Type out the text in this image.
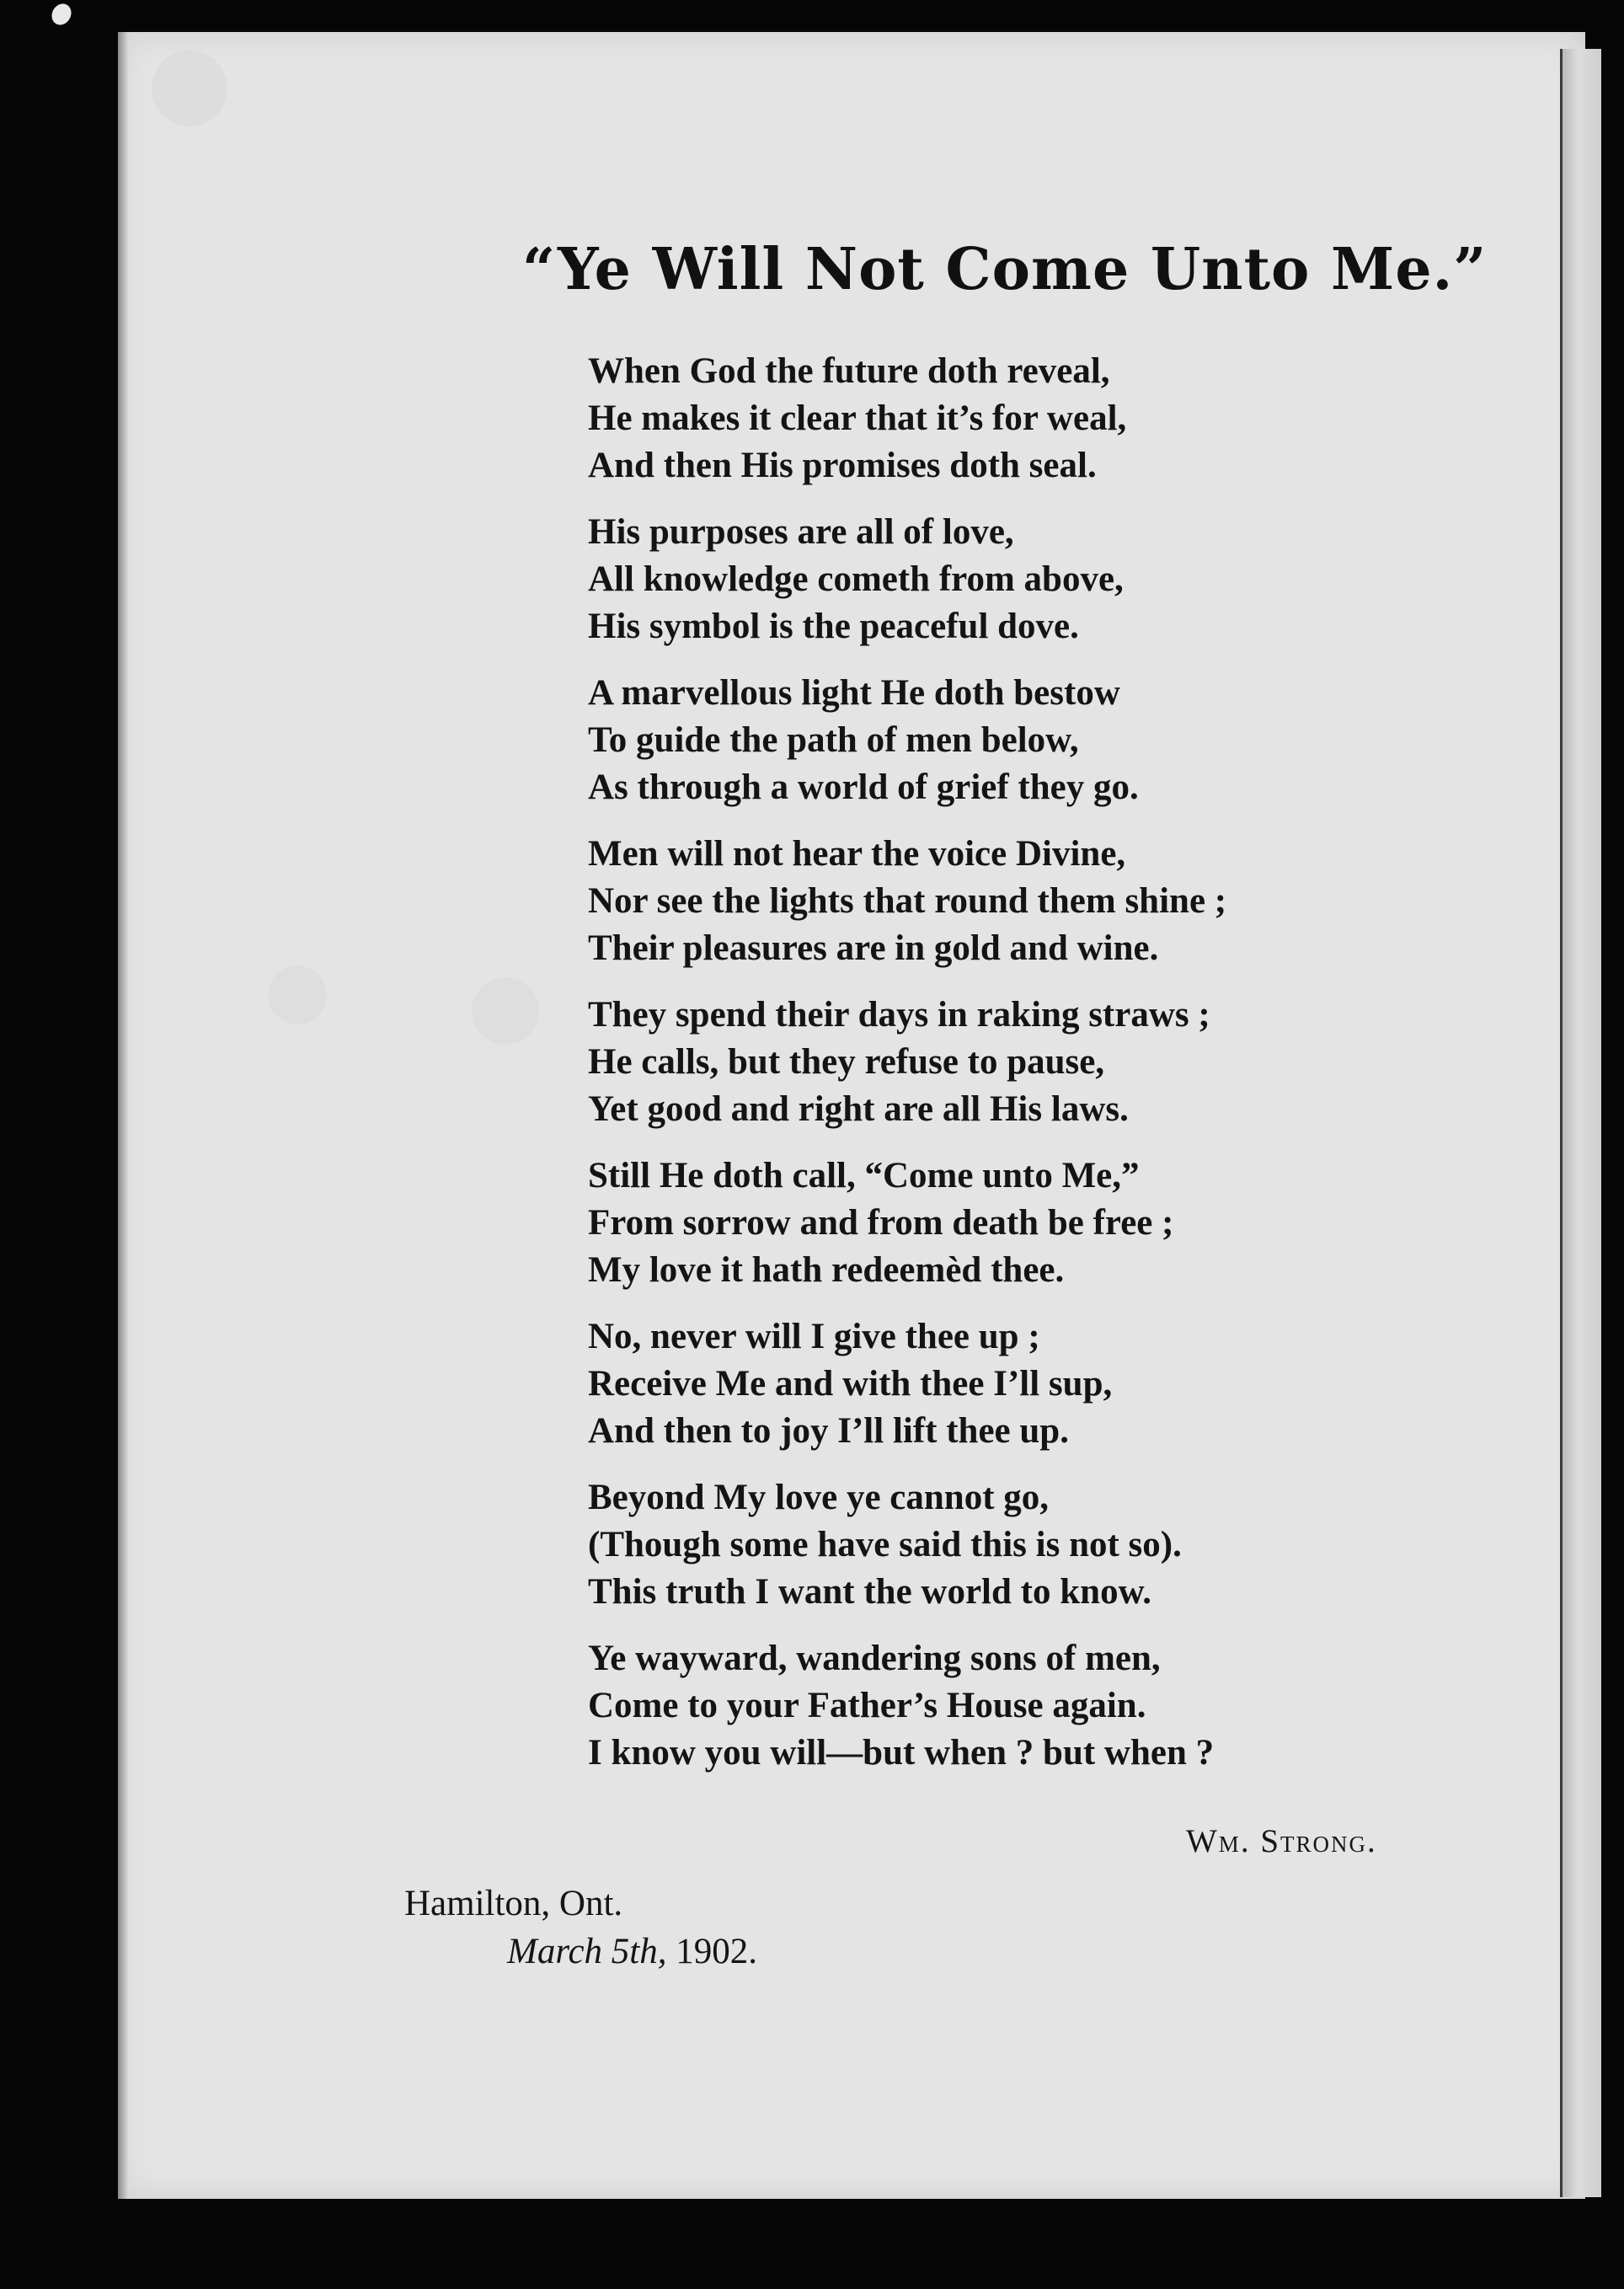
“Ye Will Not Come Unto Me.”
When God the future doth reveal,
He makes it clear that it’s for weal,
And then His promises doth seal.
His purposes are all of love,
All knowledge cometh from above,
His symbol is the peaceful dove.
A marvellous light He doth bestow
To guide the path of men below,
As through a world of grief they go.
Men will not hear the voice Divine,
Nor see the lights that round them shine ;
Their pleasures are in gold and wine.
They spend their days in raking straws ;
He calls, but they refuse to pause,
Yet good and right are all His laws.
Still He doth call, “Come unto Me,”
From sorrow and from death be free ;
My love it hath redeemèd thee.
No, never will I give thee up ;
Receive Me and with thee I’ll sup,
And then to joy I’ll lift thee up.
Beyond My love ye cannot go,
(Though some have said this is not so).
This truth I want the world to know.
Ye wayward, wandering sons of men,
Come to your Father’s House again.
I know you will—but when ? but when ?
Wm. Strong.
Hamilton, Ont.
March 5th, 1902.
